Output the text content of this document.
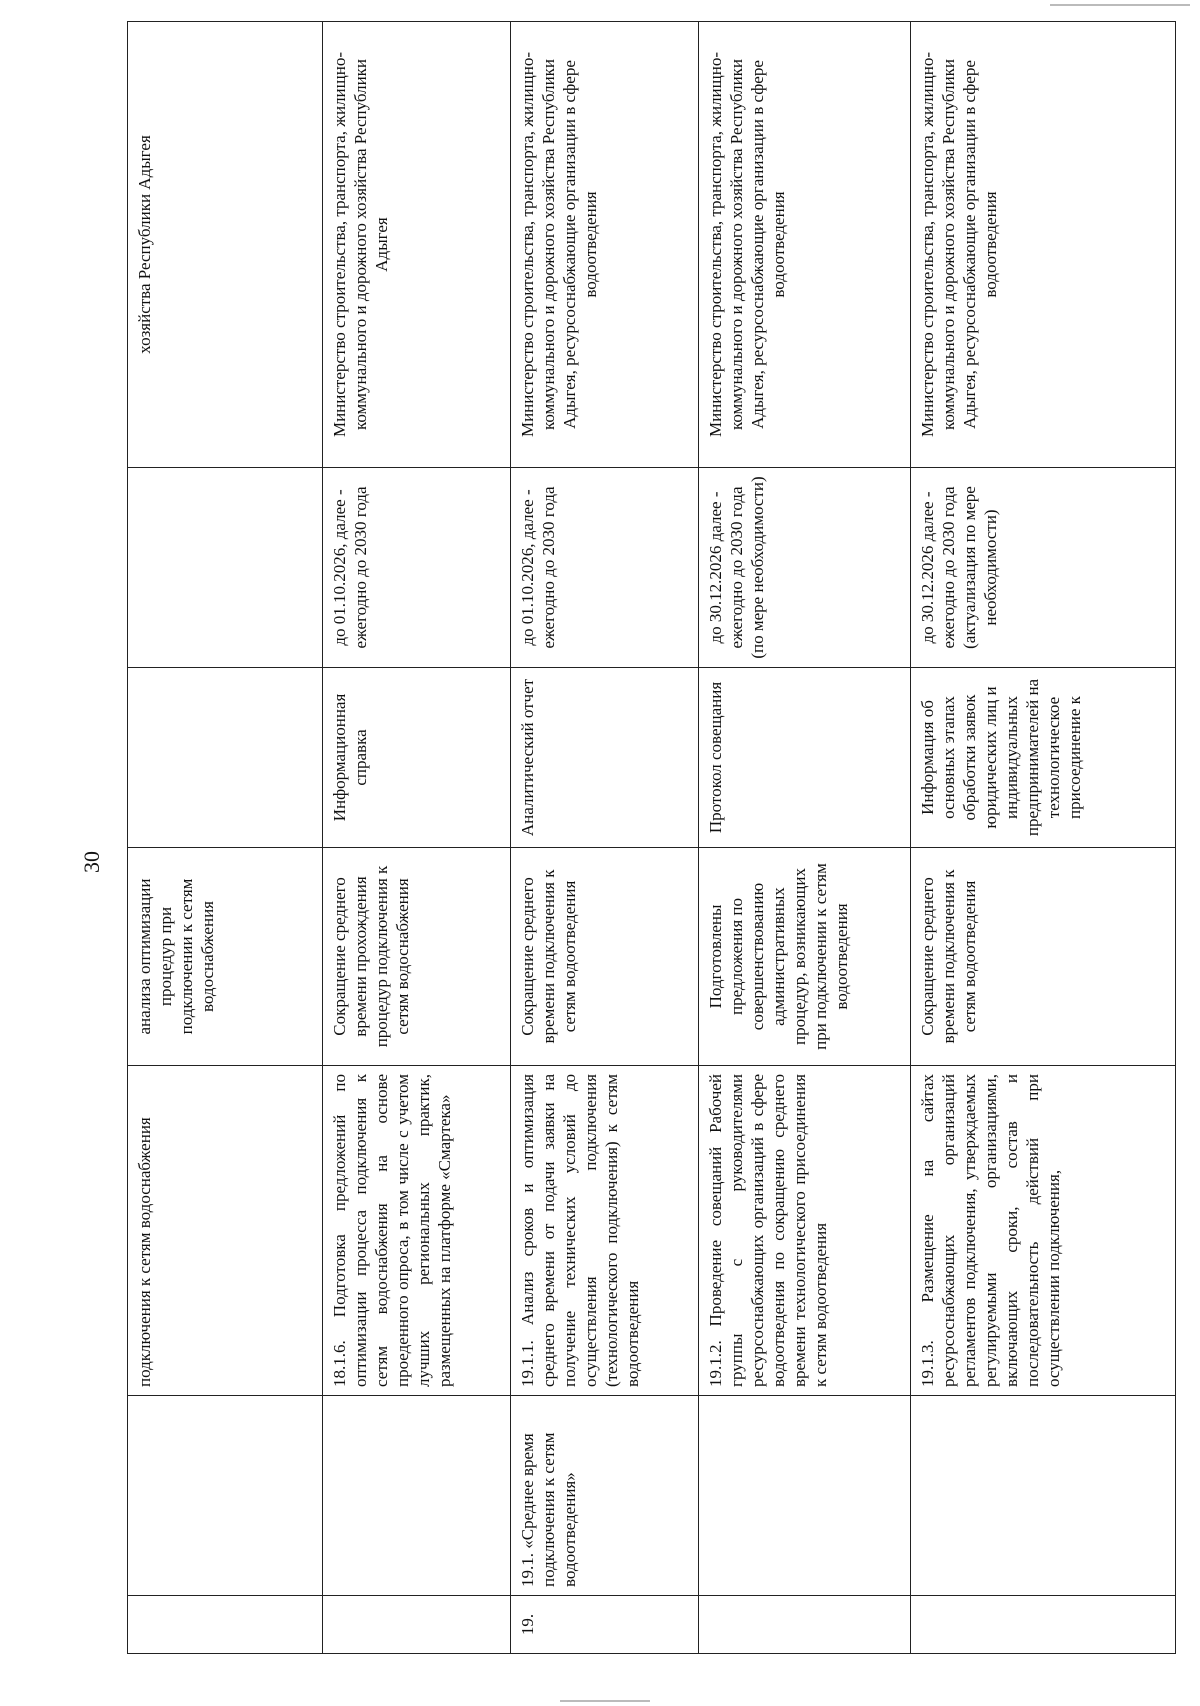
30
		подключения к сетям водоснабжения	анализа оптимизации процедур при подключении к сетям водоснабжения			хозяйства Республики Адыгея
		18.1.6. Подготовка предложений по оптимизации процесса подключения к сетям водоснабжения на основе проеденного опроса, в том числе с учетом лучших региональных практик, размещенных на платформе «Смартека»	Сокращение среднего времени прохождения процедур подключения к сетям водоснабжения	Информационная справка	до 01.10.2026, далее - ежегодно до 2030 года	Министерство строительства, транспорта, жилищно-коммунального и дорожного хозяйства Республики Адыгея
19.	19.1. «Среднее время подключения к сетям водоотведения»	19.1.1. Анализ сроков и оптимизация среднего времени от подачи заявки на получение технических условий до осуществления подключения (технологического подключения) к сетям водоотведения	Сокращение среднего времени подключения к сетям водоотведения	Аналитический отчет	до 01.10.2026, далее - ежегодно до 2030 года	Министерство строительства, транспорта, жилищно-коммунального и дорожного хозяйства Республики Адыгея, ресурсоснабжающие организации в сфере водоотведения
		19.1.2. Проведение совещаний Рабочей группы с руководителями ресурсоснабжающих организаций в сфере водоотведения по сокращению среднего времени технологического присоединения к сетям водоотведения	Подготовлены предложения по совершенствованию административных процедур, возникающих при подключении к сетям водоотведения	Протокол совещания	до 30.12.2026 далее - ежегодно до 2030 года (по мере необходимости)	Министерство строительства, транспорта, жилищно-коммунального и дорожного хозяйства Республики Адыгея, ресурсоснабжающие организации в сфере водоотведения
		19.1.3. Размещение на сайтах ресурсоснабжающих организаций регламентов подключения, утверждаемых регулируемыми организациями, включающих сроки, состав и последовательность действий при осуществлении подключения,	Сокращение среднего времени подключения к сетям водоотведения	Информация об основных этапах обработки заявок юридических лиц и индивидуальных предпринимателей на технологическое присоединение к	до 30.12.2026 далее - ежегодно до 2030 года (актуализация по мере необходимости)	Министерство строительства, транспорта, жилищно-коммунального и дорожного хозяйства Республики Адыгея, ресурсоснабжающие организации в сфере водоотведения
